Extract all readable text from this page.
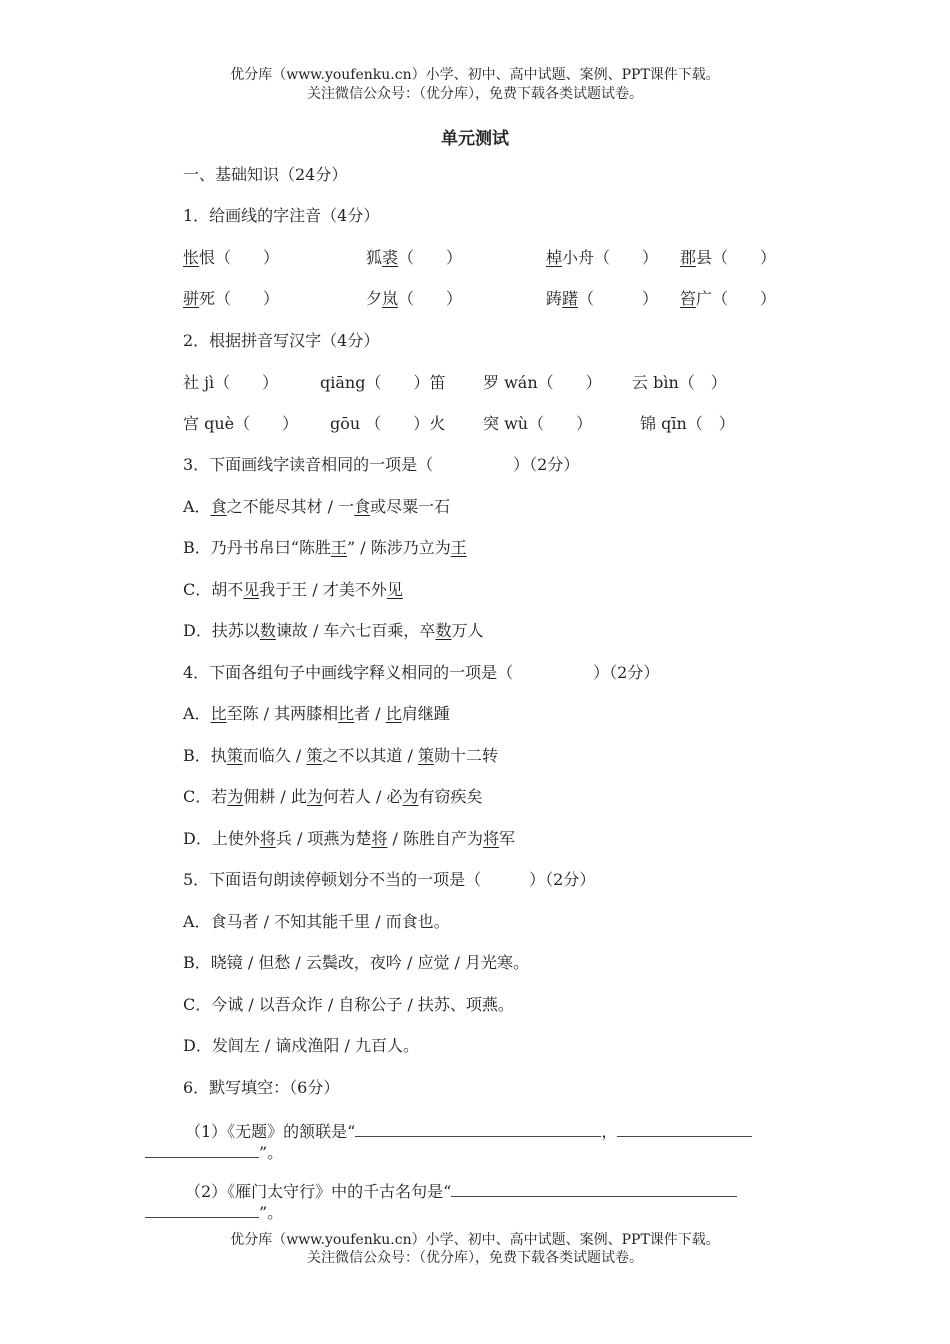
优分库（www.youfenku.cn）小学、初中、高中试题、案例、PPT课件下载。
关注微信公众号：（优分库），免费下载各类试题试卷。
单元测试
一、基础知识（24分）
1．给画线的字注音（4分）
怅恨（　　）	狐裘（　　）	棹小舟（　　） 郡县（　　）
骈死（　　）	夕岚（　　）	踌躇（　　　） 笞广（　　）
2．根据拼音写汉字（4分）
社 jì（　　）	qiāng（　　）笛 罗 wán（　　） 云 bìn（　）
宫 què（　　） gōu （　　）火 突 wù（　　）	锦 qīn（　）
3．下面画线字读音相同的一项是（　　　　　）（2分）
A．食之不能尽其材 / 一食或尽粟一石
B．乃丹书帛曰“陈胜王” / 陈涉乃立为王
C．胡不见我于王 / 才美不外见
D．扶苏以数谏故 / 车六七百乘，卒数万人
4．下面各组句子中画线字释义相同的一项是（　　　　　）（2分）
A．比至陈 / 其两膝相比者 / 比肩继踵
B．执策而临久 / 策之不以其道 / 策勋十二转
C．若为佣耕 / 此为何若人 / 必为有窃疾矣
D．上使外将兵 / 项燕为楚将 / 陈胜自产为将军
5．下面语句朗读停顿划分不当的一项是（　　　）（2分）
A．食马者 / 不知其能千里 / 而食也。
B．晓镜 / 但愁 / 云鬓改，夜吟 / 应觉 / 月光寒。
C．今诚 / 以吾众诈 / 自称公子 / 扶苏、项燕。
D．发闾左 / 谪戍渔阳 / 九百人。
6．默写填空：（6分）
（1）《无题》的颔联是“	，
”。
（2）《雁门太守行》中的千古名句是“
”。
优分库（www.youfenku.cn）小学、初中、高中试题、案例、PPT课件下载。
关注微信公众号：（优分库），免费下载各类试题试卷。
